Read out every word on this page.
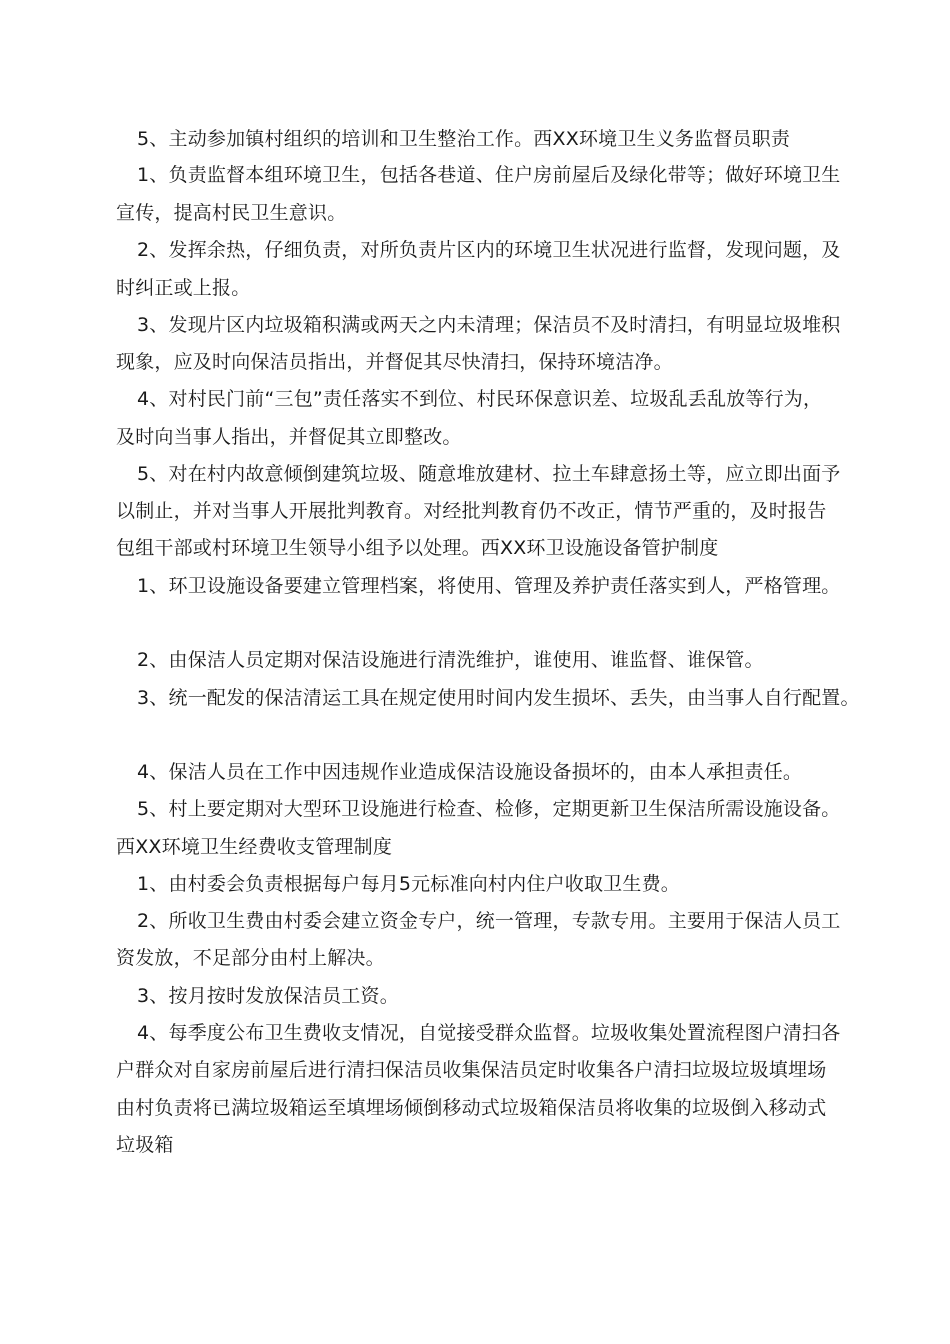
5、主动参加镇村组织的培训和卫生整治工作。西XX环境卫生义务监督员职责
1、负责监督本组环境卫生，包括各巷道、住户房前屋后及绿化带等；做好环境卫生
宣传，提高村民卫生意识。
2、发挥余热，仔细负责，对所负责片区内的环境卫生状况进行监督，发现问题，及
时纠正或上报。
3、发现片区内垃圾箱积满或两天之内未清理；保洁员不及时清扫，有明显垃圾堆积
现象，应及时向保洁员指出，并督促其尽快清扫，保持环境洁净。
4、对村民门前“三包”责任落实不到位、村民环保意识差、垃圾乱丢乱放等行为，
及时向当事人指出，并督促其立即整改。
5、对在村内故意倾倒建筑垃圾、随意堆放建材、拉土车肆意扬土等，应立即出面予
以制止，并对当事人开展批判教育。对经批判教育仍不改正，情节严重的，及时报告
包组干部或村环境卫生领导小组予以处理。西XX环卫设施设备管护制度
1、环卫设施设备要建立管理档案，将使用、管理及养护责任落实到人，严格管理。
2、由保洁人员定期对保洁设施进行清洗维护，谁使用、谁监督、谁保管。
3、统一配发的保洁清运工具在规定使用时间内发生损坏、丢失，由当事人自行配置。
4、保洁人员在工作中因违规作业造成保洁设施设备损坏的，由本人承担责任。
5、村上要定期对大型环卫设施进行检查、检修，定期更新卫生保洁所需设施设备。
西XX环境卫生经费收支管理制度
1、由村委会负责根据每户每月5元标准向村内住户收取卫生费。
2、所收卫生费由村委会建立资金专户，统一管理，专款专用。主要用于保洁人员工
资发放，不足部分由村上解决。
3、按月按时发放保洁员工资。
4、每季度公布卫生费收支情况，自觉接受群众监督。垃圾收集处置流程图户清扫各
户群众对自家房前屋后进行清扫保洁员收集保洁员定时收集各户清扫垃圾垃圾填埋场
由村负责将已满垃圾箱运至填埋场倾倒移动式垃圾箱保洁员将收集的垃圾倒入移动式
垃圾箱
